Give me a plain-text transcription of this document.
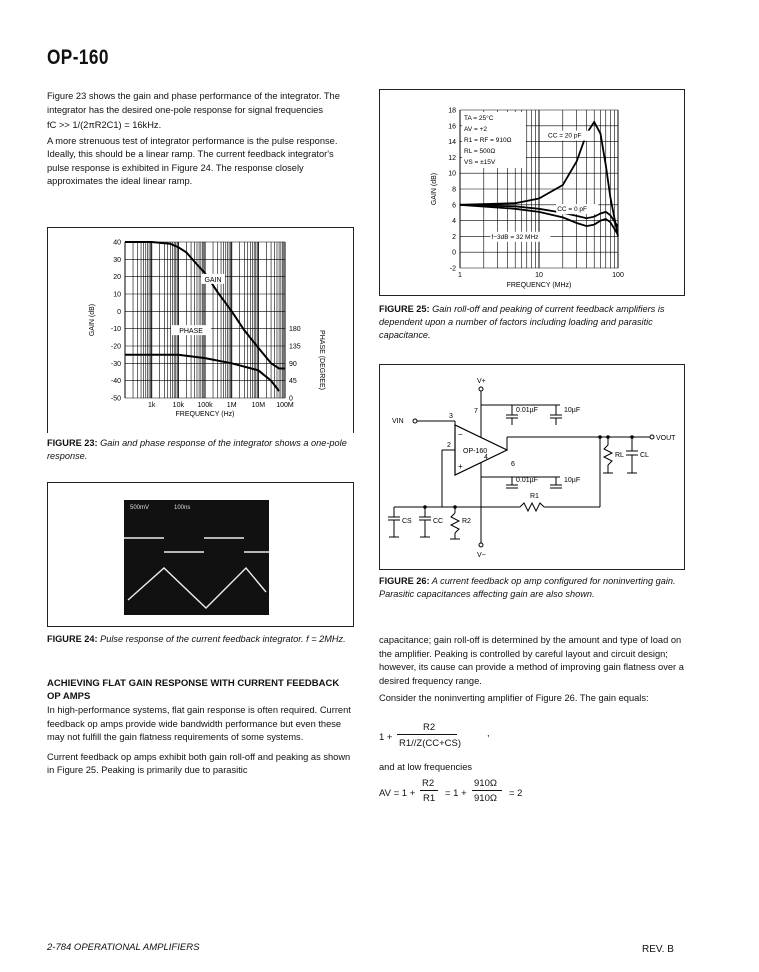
OP-160

Figure 23 shows the gain and phase performance of the integrator. The integrator has the desired one-pole response for signal frequencies

fC >> 1/(2πR2C1) = 16kHz.

A more strenuous test of integrator performance is the pulse response. Ideally, this should be a linear ramp. The current feedback integrator's pulse response is exhibited in Figure 24. The response closely approximates the ideal linear ramp.

40
30
20
10
0
-10
-20
-30
-40
-50
180
135
90
45
0
1k 10k 100k 1M 10M 100M
FREQUENCY (Hz)
GAIN (dB)
PHASE (DEGREE)
GAIN
PHASE
FIGURE 23: Gain and phase response of the integrator shows a one-pole response.
500mV	100ns
FIGURE 24: Pulse response of the current feedback integrator. f = 2MHz.
ACHIEVING FLAT GAIN RESPONSE WITH CURRENT FEEDBACK OP AMPS

In high-performance systems, flat gain response is often required. Current feedback op amps provide wide bandwidth performance but even these may not fulfill the gain flatness requirements of some systems.

Current feedback op amps exhibit both gain roll-off and peaking as shown in Figure 25. Peaking is primarily due to parasitic

18
16
14
12
10
8
6
4
2
0
-2
1	10	100
FREQUENCY (MHz)
GAIN (dB)
TA = 25°C
AV = +2
R1 = RF = 910Ω
RL = 500Ω
VS = ±15V
CC = 20 pF
CC = 0 pF
f−3dB = 32 MHz
FIGURE 25: Gain roll-off and peaking of current feedback amplifiers is dependent upon a number of factors including loading and parasitic capacitance.
OP-160
−
+
VIN
3
2
R1
VOUT
6
RL CL
V+
7	0.01µF	10µF
4
V−
0.01µF	10µF
CS	CC	R2
FIGURE 26: A current feedback op amp configured for noninverting gain. Parasitic capacitances affecting gain are also shown.

capacitance; gain roll-off is determined by the amount and type of load on the amplifier. Peaking is controlled by careful layout and circuit design; however, its cause can provide a method of improving gain flatness over a desired frequency range.

Consider the noninverting amplifier of Figure 26. The gain equals:

1 +
R2
R1//Z(CC+CS)
,
and at low frequencies
AV = 1 +
R2
R1 = 1 +
910Ω
910Ω = 2
2-784 OPERATIONAL AMPLIFIERS	REV. B
